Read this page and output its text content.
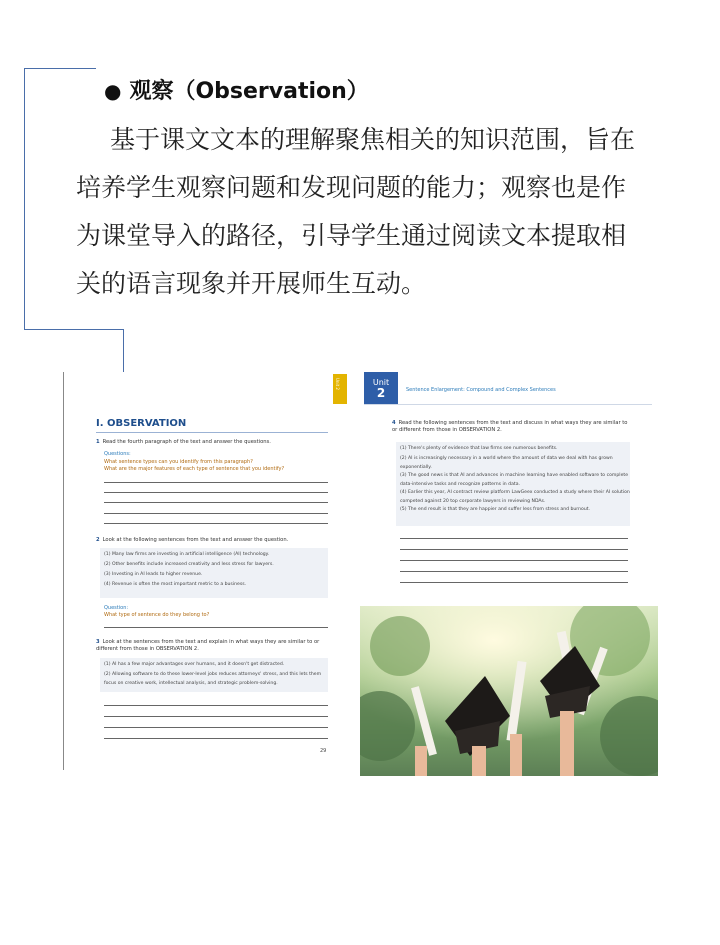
● 观察（Observation）

基于课文文本的理解聚焦相关的知识范围，旨在

培养学生观察问题和发现问题的能力；观察也是作

为课堂导入的路径，引导学生通过阅读文本提取相

关的语言现象并开展师生互动。

I. OBSERVATION
1 Read the fourth paragraph of the text and answer the questions.
Questions:
What sentence types can you identify from this paragraph?
What are the major features of each type of sentence that you identify?
2 Look at the following sentences from the text and answer the question.
(1) Many law firms are investing in artificial intelligence (AI) technology.
(2) Other benefits include increased creativity and less stress for lawyers.
(3) Investing in AI leads to higher revenue.
(4) Revenue is often the most important metric to a business.
Question:
What type of sentence do they belong to?
3 Look at the sentences from the text and explain in what ways they are similar to or different from those in OBSERVATION 2.
(1) AI has a few major advantages over humans, and it doesn't get distracted.
(2) Allowing software to do these lower-level jobs reduces attorneys' stress, and this lets them
focus on creative work, intellectual analysis, and strategic problem-solving.
29
Unit 2	Unit
2	Sentence Enlargement: Compound and Complex Sentences
4 Read the following sentences from the text and discuss in what ways they are similar to or different from those in OBSERVATION 2.
(1) There's plenty of evidence that law firms see numerous benefits.
(2) AI is increasingly necessary in a world where the amount of data we deal with has grown
exponentially.
(3) The good news is that AI and advances in machine learning have enabled software to complete
data-intensive tasks and recognize patterns in data.
(4) Earlier this year, AI contract review platform LawGeex conducted a study where their AI solution
competed against 20 top corporate lawyers in reviewing NDAs.
(5) The end result is that they are happier and suffer less from stress and burnout.
